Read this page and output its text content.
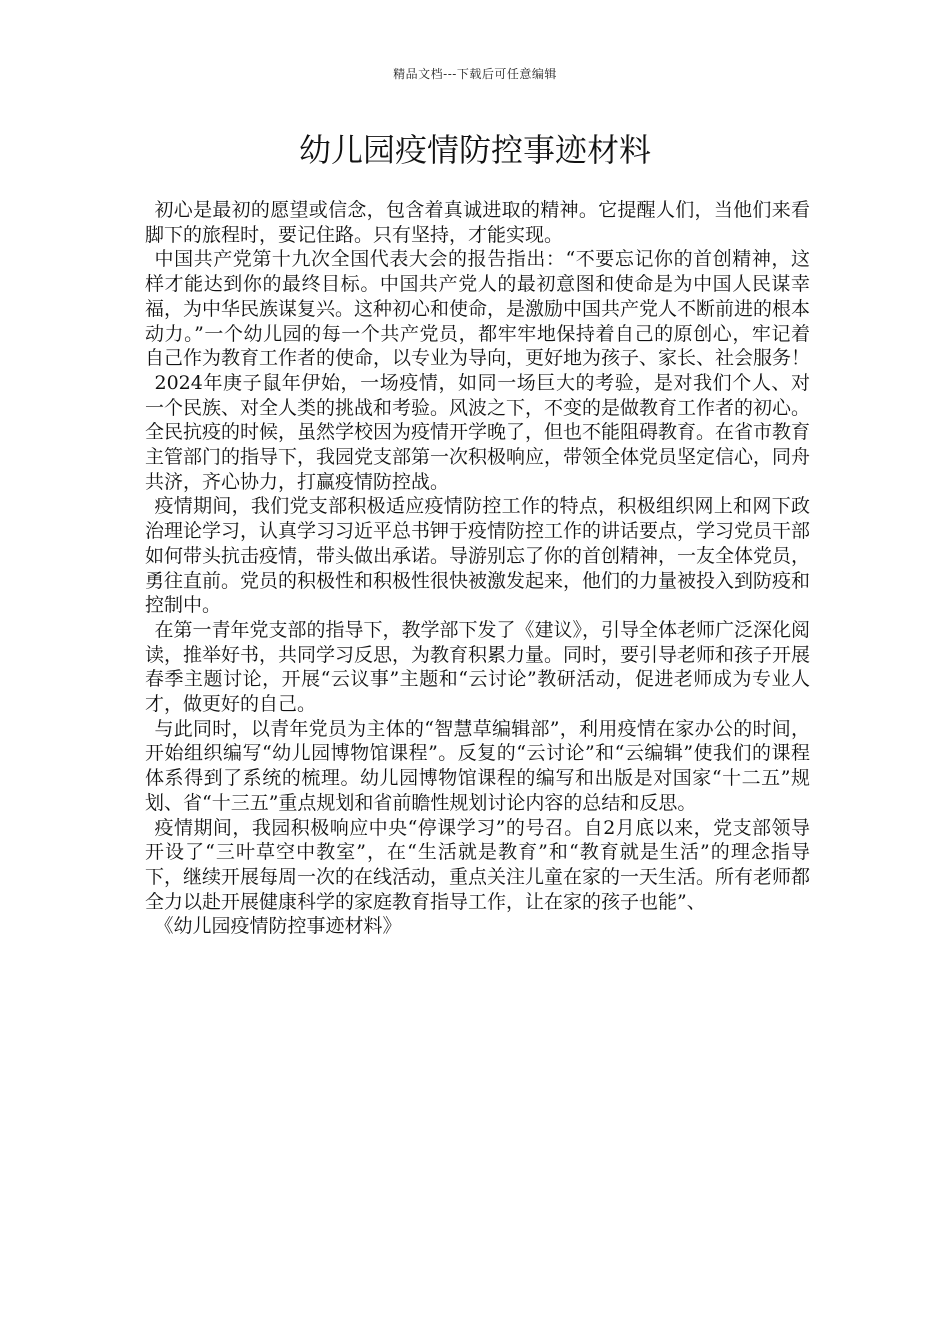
精品文档---下载后可任意编辑
幼儿园疫情防控事迹材料

初心是最初的愿望或信念，包含着真诚进取的精神。它提醒人们，当他们来看脚下的旅程时，要记住路。只有坚持，才能实现。

中国共产党第十九次全国代表大会的报告指出：“不要忘记你的首创精神，这样才能达到你的最终目标。中国共产党人的最初意图和使命是为中国人民谋幸福，为中华民族谋复兴。这种初心和使命，是激励中国共产党人不断前进的根本动力。”一个幼儿园的每一个共产党员，都牢牢地保持着自己的原创心，牢记着自己作为教育工作者的使命，以专业为导向，更好地为孩子、家长、社会服务！

2024年庚子鼠年伊始，一场疫情，如同一场巨大的考验，是对我们个人、对一个民族、对全人类的挑战和考验。风波之下，不变的是做教育工作者的初心。全民抗疫的时候，虽然学校因为疫情开学晚了，但也不能阻碍教育。在省市教育主管部门的指导下，我园党支部第一次积极响应，带领全体党员坚定信心，同舟共济，齐心协力，打赢疫情防控战。

疫情期间，我们党支部积极适应疫情防控工作的特点，积极组织网上和网下政治理论学习，认真学习习近平总书钾于疫情防控工作的讲话要点，学习党员干部如何带头抗击疫情，带头做出承诺。导游别忘了你的首创精神，一友全体党员，勇往直前。党员的积极性和积极性很快被激发起来，他们的力量被投入到防疫和控制中。

在第一青年党支部的指导下，教学部下发了《建议》，引导全体老师广泛深化阅读，推举好书，共同学习反思，为教育积累力量。同时，要引导老师和孩子开展春季主题讨论，开展“云议事”主题和“云讨论”教研活动，促进老师成为专业人才，做更好的自己。

与此同时，以青年党员为主体的“智慧草编辑部”，利用疫情在家办公的时间，开始组织编写“幼儿园博物馆课程”。反复的“云讨论”和“云编辑”使我们的课程体系得到了系统的梳理。幼儿园博物馆课程的编写和出版是对国家“十二五”规划、省“十三五”重点规划和省前瞻性规划讨论内容的总结和反思。

疫情期间，我园积极响应中央“停课学习”的号召。自2月底以来，党支部领导开设了“三叶草空中教室”，在“生活就是教育”和“教育就是生活”的理念指导下，继续开展每周一次的在线活动，重点关注儿童在家的一天生活。所有老师都全力以赴开展健康科学的家庭教育指导工作，让在家的孩子也能”、

《幼儿园疫情防控事迹材料》
